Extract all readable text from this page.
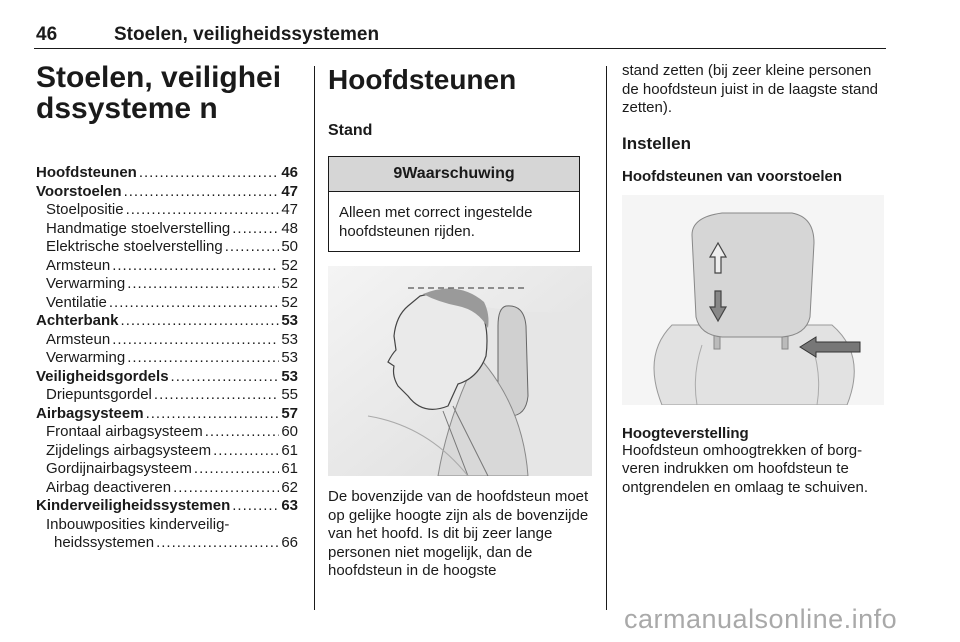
46	Stoelen, veiligheidssystemen
Stoelen, veiligheidssysteme n
Hoofdsteunen .....	46
Voorstoelen .....	47
Stoelpositie .....	47
Handmatige stoelverstelling .....	48
Elektrische stoelverstelling .....	50
Armsteun .....	52
Verwarming .....	52
Ventilatie .....	52
Achterbank .....	53
Armsteun .....	53
Verwarming .....	53
Veiligheidsgordels .....	53
Driepuntsgordel .....	55
Airbagsysteem .....	57
Frontaal airbagsysteem .....	60
Zijdelings airbagsysteem .....	61
Gordijnairbagsysteem .....	61
Airbag deactiveren .....	62
Kinderveiligheidssystemen .....	63
Inbouwposities kinderveilig-
heidssystemen .....	66
Hoofdsteunen
Stand
9Waarschuwing
Alleen met correct ingestelde hoofdsteunen rijden.
De bovenzijde van de hoofdsteun moet op gelijke hoogte zijn als de bovenzijde van het hoofd. Is dit bij zeer lange personen niet mogelijk, dan de hoofdsteun in de hoogste
stand zetten (bij zeer kleine personen de hoofdsteun juist in de laagste stand zetten).
Instellen
Hoofdsteunen van voorstoelen
Hoogteverstelling
Hoofdsteun omhoogtrekken of borg-veren indrukken om hoofdsteun te ontgrendelen en omlaag te schuiven.
carmanualsonline.info
